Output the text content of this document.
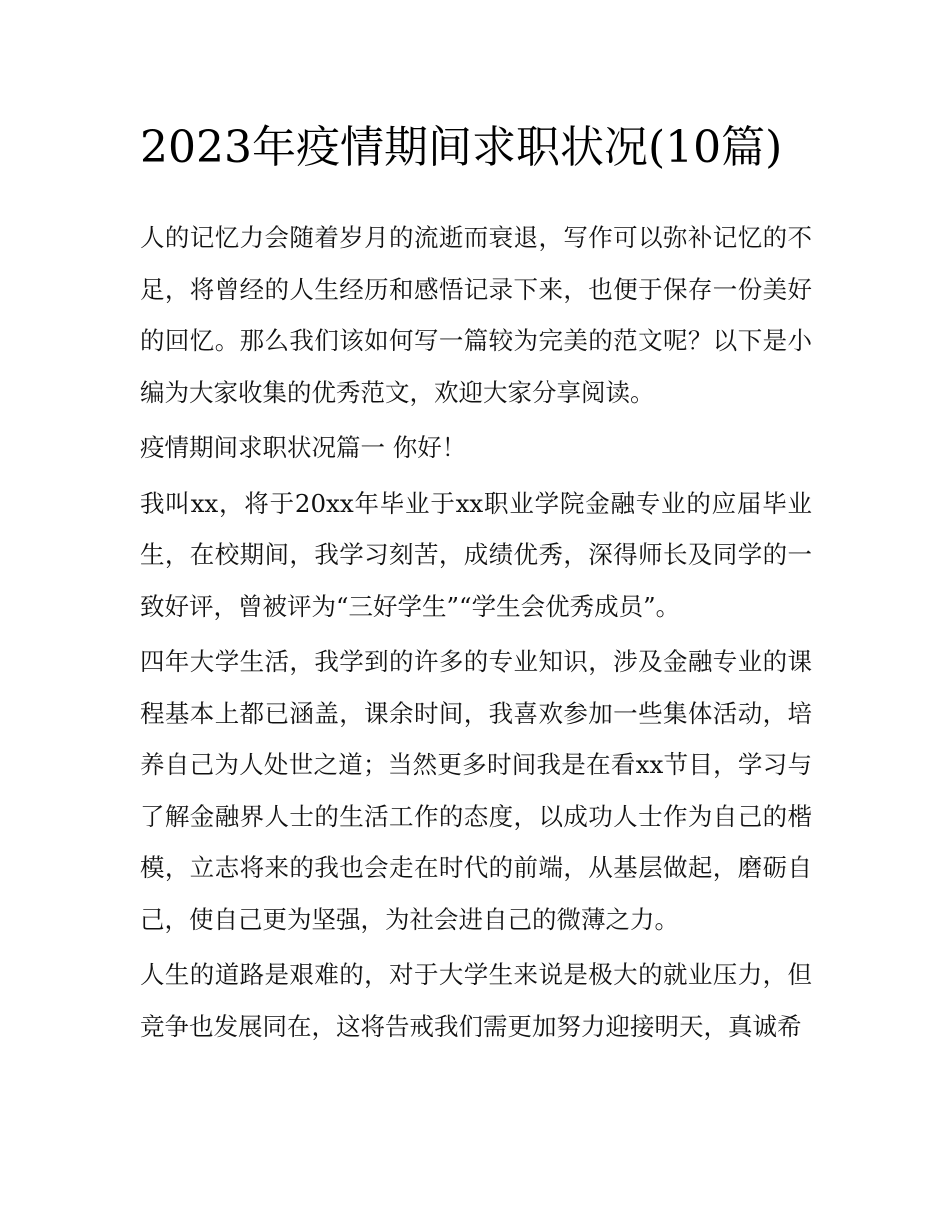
2023年疫情期间求职状况(10篇)

人的记忆力会随着岁月的流逝而衰退，写作可以弥补记忆的不足，将曾经的人生经历和感悟记录下来，也便于保存一份美好的回忆。那么我们该如何写一篇较为完美的范文呢？以下是小编为大家收集的优秀范文，欢迎大家分享阅读。

疫情期间求职状况篇一 你好！

我叫xx，将于20xx年毕业于xx职业学院金融专业的应届毕业生，在校期间，我学习刻苦，成绩优秀，深得师长及同学的一致好评，曾被评为“三好学生”“学生会优秀成员”。

四年大学生活，我学到的许多的专业知识，涉及金融专业的课程基本上都已涵盖，课余时间，我喜欢参加一些集体活动，培养自己为人处世之道；当然更多时间我是在看xx节目，学习与了解金融界人士的生活工作的态度，以成功人士作为自己的楷模，立志将来的我也会走在时代的前端，从基层做起，磨砺自己，使自己更为坚强，为社会进自己的微薄之力。

人生的道路是艰难的，对于大学生来说是极大的就业压力，但竞争也发展同在，这将告戒我们需更加努力迎接明天，真诚希
